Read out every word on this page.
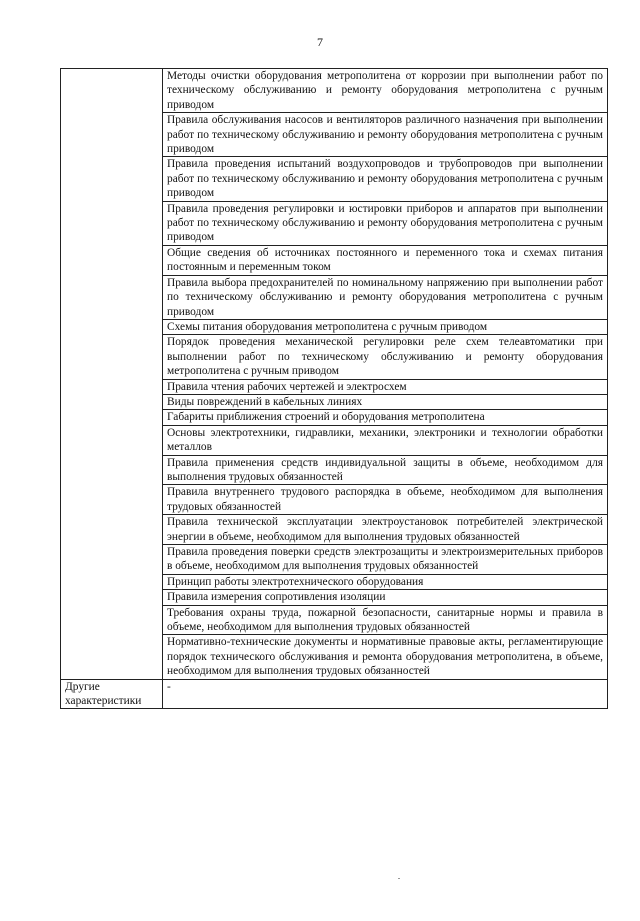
7
	Методы очистки оборудования метрополитена от коррозии при выполнении работ по техническому обслуживанию и ремонту оборудования метрополитена с ручным приводом
	Правила обслуживания насосов и вентиляторов различного назначения при выполнении работ по техническому обслуживанию и ремонту оборудования метрополитена с ручным приводом
	Правила проведения испытаний воздухопроводов и трубопроводов при выполнении работ по техническому обслуживанию и ремонту оборудования метрополитена с ручным приводом
	Правила проведения регулировки и юстировки приборов и аппаратов при выполнении работ по техническому обслуживанию и ремонту оборудования метрополитена с ручным приводом
	Общие сведения об источниках постоянного и переменного тока и схемах питания постоянным и переменным током
	Правила выбора предохранителей по номинальному напряжению при выполнении работ по техническому обслуживанию и ремонту оборудования метрополитена с ручным приводом
	Схемы питания оборудования метрополитена с ручным приводом
	Порядок проведения механической регулировки реле схем телеавтоматики при выполнении работ по техническому обслуживанию и ремонту оборудования метрополитена с ручным приводом
	Правила чтения рабочих чертежей и электросхем
	Виды повреждений в кабельных линиях
	Габариты приближения строений и оборудования метрополитена
	Основы электротехники, гидравлики, механики, электроники и технологии обработки металлов
	Правила применения средств индивидуальной защиты в объеме, необходимом для выполнения трудовых обязанностей
	Правила внутреннего трудового распорядка в объеме, необходимом для выполнения трудовых обязанностей
	Правила технической эксплуатации электроустановок потребителей электрической энергии в объеме, необходимом для выполнения трудовых обязанностей
	Правила проведения поверки средств электрозащиты и электроизмерительных приборов в объеме, необходимом для выполнения трудовых обязанностей
	Принцип работы электротехнического оборудования
	Правила измерения сопротивления изоляции
	Требования охраны труда, пожарной безопасности, санитарные нормы и правила в объеме, необходимом для выполнения трудовых обязанностей
	Нормативно-технические документы и нормативные правовые акты, регламентирующие порядок технического обслуживания и ремонта оборудования метрополитена, в объеме, необходимом для выполнения трудовых обязанностей
Другие характеристики	-
